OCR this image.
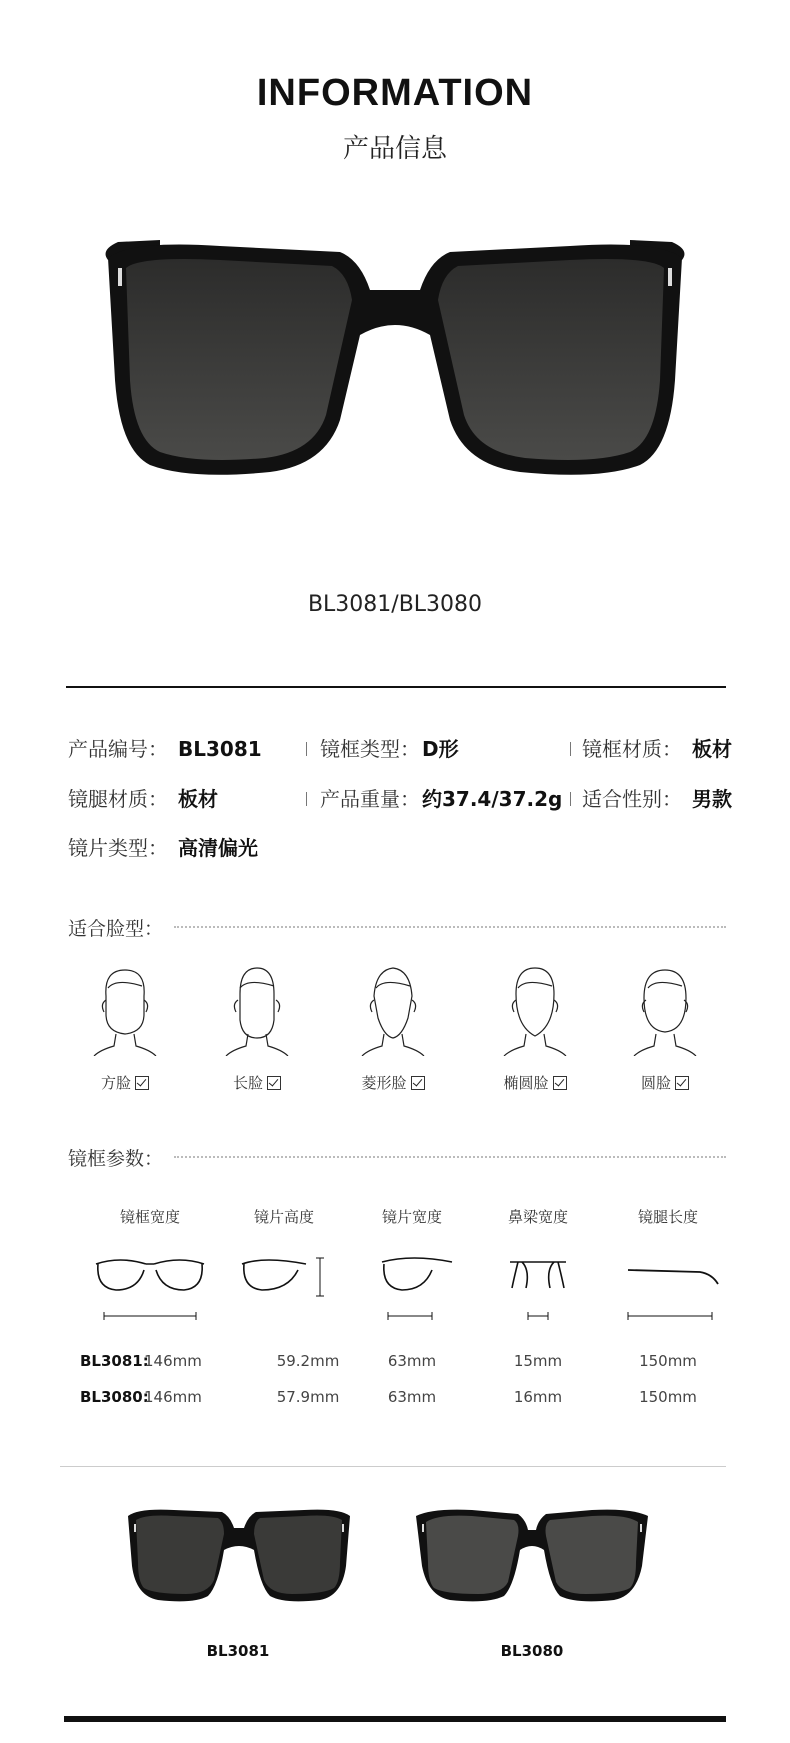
INFORMATION
产品信息
BL3081/BL3080
产品编号： BL3081	镜框类型： D形	镜框材质： 板材
镜腿材质： 板材	产品重量： 约37.4/37.2g 适合性别： 男款
镜片类型： 高清偏光
适合脸型：
方脸	长脸	菱形脸	椭圆脸	圆脸
镜框参数：
镜框宽度	镜片高度	镜片宽度	鼻梁宽度	镜腿长度
BL3081:
146mm	59.2mm	63mm	15mm	150mm
BL3080:
146mm	57.9mm	63mm	16mm	150mm
BL3081	BL3080
